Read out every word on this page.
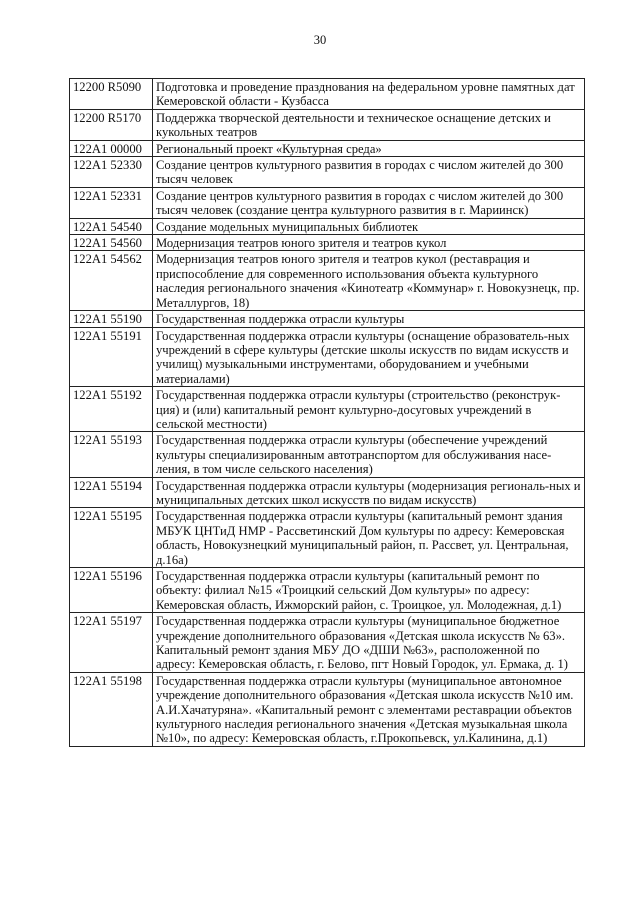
30
12200 R5090	Подготовка и проведение празднования на федеральном уровне памятных дат Кемеровской области - Кузбасса
12200 R5170	Поддержка творческой деятельности и техническое оснащение детских и кукольных театров
122A1 00000	Региональный проект «Культурная среда»
122A1 52330	Создание центров культурного развития в городах с числом жителей до 300 тысяч человек
122A1 52331	Создание центров культурного развития в городах с числом жителей до 300 тысяч человек (создание центра культурного развития в г. Мариинск)
122A1 54540	Создание модельных муниципальных библиотек
122A1 54560	Модернизация театров юного зрителя и театров кукол
122A1 54562	Модернизация театров юного зрителя и театров кукол (реставрация и приспособление для современного использования объекта культурного наследия регионального значения «Кинотеатр «Коммунар» г. Новокузнецк, пр. Металлургов, 18)
122A1 55190	Государственная поддержка отрасли культуры
122A1 55191	Государственная поддержка отрасли культуры (оснащение образователь-ных учреждений в сфере культуры (детские школы искусств по видам искусств и училищ) музыкальными инструментами, оборудованием и учебными материалами)
122A1 55192	Государственная поддержка отрасли культуры (строительство (реконструк-ция) и (или) капитальный ремонт культурно-досуговых учреждений в сельской местности)
122A1 55193	Государственная поддержка отрасли культуры (обеспечение учреждений культуры специализированным автотранспортом для обслуживания насе-ления, в том числе сельского населения)
122A1 55194	Государственная поддержка отрасли культуры (модернизация региональ-ных и муниципальных детских школ искусств по видам искусств)
122A1 55195	Государственная поддержка отрасли культуры (капитальный ремонт здания МБУК ЦНТиД НМР - Рассветинский Дом культуры по адресу: Кемеровская область, Новокузнецкий муниципальный район, п. Рассвет, ул. Центральная, д.16а)
122A1 55196	Государственная поддержка отрасли культуры (капитальный ремонт по объекту: филиал №15 «Троицкий сельский Дом культуры» по адресу: Кемеровская область, Ижморский район, с. Троицкое, ул. Молодежная, д.1)
122A1 55197	Государственная поддержка отрасли культуры (муниципальное бюджетное учреждение дополнительного образования «Детская школа искусств № 63». Капитальный ремонт здания МБУ ДО «ДШИ №63», расположенной по адресу: Кемеровская область, г. Белово, пгт Новый Городок, ул. Ермака, д. 1)
122A1 55198	Государственная поддержка отрасли культуры (муниципальное автономное учреждение дополнительного образования «Детская школа искусств №10 им. А.И.Хачатуряна». «Капитальный ремонт с элементами реставрации объектов культурного наследия регионального значения «Детская музыкальная школа №10», по адресу: Кемеровская область, г.Прокопьевск, ул.Калинина, д.1)
